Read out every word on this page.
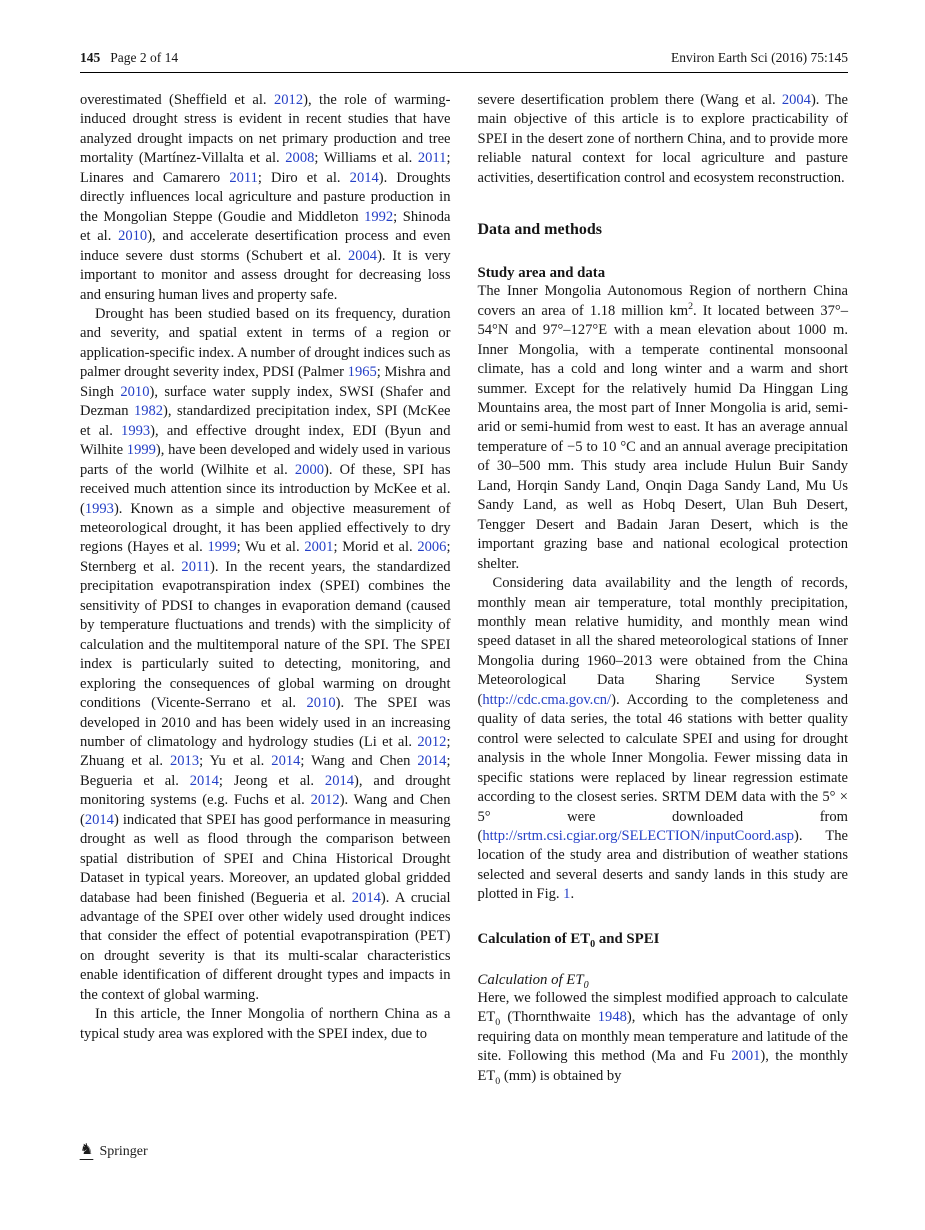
145 Page 2 of 14	Environ Earth Sci (2016) 75:145

overestimated (Sheffield et al. 2012), the role of warming-induced drought stress is evident in recent studies that have analyzed drought impacts on net primary production and tree mortality (Martínez-Villalta et al. 2008; Williams et al. 2011; Linares and Camarero 2011; Diro et al. 2014). Droughts directly influences local agriculture and pasture production in the Mongolian Steppe (Goudie and Middleton 1992; Shinoda et al. 2010), and accelerate desertification process and even induce severe dust storms (Schubert et al. 2004). It is very important to monitor and assess drought for decreasing loss and ensuring human lives and property safe.

Drought has been studied based on its frequency, duration and severity, and spatial extent in terms of a region or application-specific index. A number of drought indices such as palmer drought severity index, PDSI (Palmer 1965; Mishra and Singh 2010), surface water supply index, SWSI (Shafer and Dezman 1982), standardized precipitation index, SPI (McKee et al. 1993), and effective drought index, EDI (Byun and Wilhite 1999), have been developed and widely used in various parts of the world (Wilhite et al. 2000). Of these, SPI has received much attention since its introduction by McKee et al. (1993). Known as a simple and objective measurement of meteorological drought, it has been applied effectively to dry regions (Hayes et al. 1999; Wu et al. 2001; Morid et al. 2006; Sternberg et al. 2011). In the recent years, the standardized precipitation evapotranspiration index (SPEI) combines the sensitivity of PDSI to changes in evaporation demand (caused by temperature fluctuations and trends) with the simplicity of calculation and the multitemporal nature of the SPI. The SPEI index is particularly suited to detecting, monitoring, and exploring the consequences of global warming on drought conditions (Vicente-Serrano et al. 2010). The SPEI was developed in 2010 and has been widely used in an increasing number of climatology and hydrology studies (Li et al. 2012; Zhuang et al. 2013; Yu et al. 2014; Wang and Chen 2014; Begueria et al. 2014; Jeong et al. 2014), and drought monitoring systems (e.g. Fuchs et al. 2012). Wang and Chen (2014) indicated that SPEI has good performance in measuring drought as well as flood through the comparison between spatial distribution of SPEI and China Historical Drought Dataset in typical years. Moreover, an updated global gridded database had been finished (Begueria et al. 2014). A crucial advantage of the SPEI over other widely used drought indices that consider the effect of potential evapotranspiration (PET) on drought severity is that its multi-scalar characteristics enable identification of different drought types and impacts in the context of global warming.

In this article, the Inner Mongolia of northern China as a typical study area was explored with the SPEI index, due to

severe desertification problem there (Wang et al. 2004). The main objective of this article is to explore practicability of SPEI in the desert zone of northern China, and to provide more reliable natural context for local agriculture and pasture activities, desertification control and ecosystem reconstruction.

Data and methods
Study area and data

The Inner Mongolia Autonomous Region of northern China covers an area of 1.18 million $km^2$. It located between 37°–54°N and 97°–127°E with a mean elevation about 1000 m. Inner Mongolia, with a temperate continental monsoonal climate, has a cold and long winter and a warm and short summer. Except for the relatively humid Da Hinggan Ling Mountains area, the most part of Inner Mongolia is arid, semi-arid or semi-humid from west to east. It has an average annual temperature of −5 to 10 °C and an annual average precipitation of 30–500 mm. This study area include Hulun Buir Sandy Land, Horqin Sandy Land, Onqin Daga Sandy Land, Mu Us Sandy Land, as well as Hobq Desert, Ulan Buh Desert, Tengger Desert and Badain Jaran Desert, which is the important grazing base and national ecological protection shelter.

Considering data availability and the length of records, monthly mean air temperature, total monthly precipitation, monthly mean relative humidity, and monthly mean wind speed dataset in all the shared meteorological stations of Inner Mongolia during 1960–2013 were obtained from the China Meteorological Data Sharing Service System (http://cdc.cma.gov.cn/). According to the completeness and quality of data series, the total 46 stations with better quality control were selected to calculate SPEI and using for drought analysis in the whole Inner Mongolia. Fewer missing data in specific stations were replaced by linear regression estimate according to the closest series. SRTM DEM data with the 5° × 5° were downloaded from (http://srtm.csi.cgiar.org/SELECTION/inputCoord.asp). The location of the study area and distribution of weather stations selected and several deserts and sandy lands in this study are plotted in Fig. 1.

Calculation of $ET_0$ and SPEI
Calculation of $ET_0$

Here, we followed the simplest modified approach to calculate $ET_0$ (Thornthwaite 1948), which has the advantage of only requiring data on monthly mean temperature and latitude of the site. Following this method (Ma and Fu 2001), the monthly $ET_0$ (mm) is obtained by

♞ Springer
